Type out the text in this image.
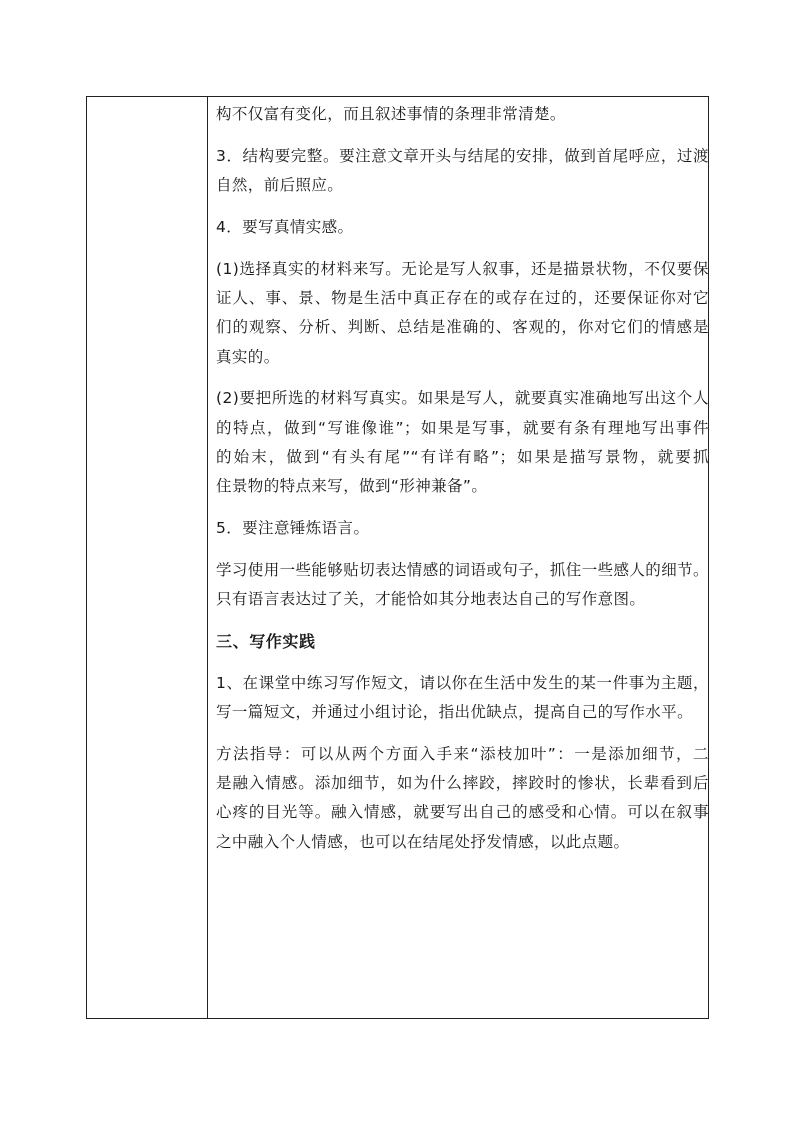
构不仅富有变化，而且叙述事情的条理非常清楚。
3．结构要完整。要注意文章开头与结尾的安排，做到首尾呼应，过渡
自然，前后照应。
4．要写真情实感。
(1)选择真实的材料来写。无论是写人叙事，还是描景状物，不仅要保
证人、事、景、物是生活中真正存在的或存在过的，还要保证你对它
们的观察、分析、判断、总结是准确的、客观的，你对它们的情感是
真实的。
(2)要把所选的材料写真实。如果是写人，就要真实准确地写出这个人
的特点，做到“写谁像谁”；如果是写事，就要有条有理地写出事件
的始末，做到“有头有尾”“有详有略”；如果是描写景物，就要抓
住景物的特点来写，做到“形神兼备”。
5．要注意锤炼语言。
学习使用一些能够贴切表达情感的词语或句子，抓住一些感人的细节。
只有语言表达过了关，才能恰如其分地表达自己的写作意图。
三、写作实践
1、在课堂中练习写作短文，请以你在生活中发生的某一件事为主题，
写一篇短文，并通过小组讨论，指出优缺点，提高自己的写作水平。
方法指导：可以从两个方面入手来“添枝加叶”：一是添加细节，二
是融入情感。添加细节，如为什么摔跤，摔跤时的惨状，长辈看到后
心疼的目光等。融入情感，就要写出自己的感受和心情。可以在叙事
之中融入个人情感，也可以在结尾处抒发情感，以此点题。
